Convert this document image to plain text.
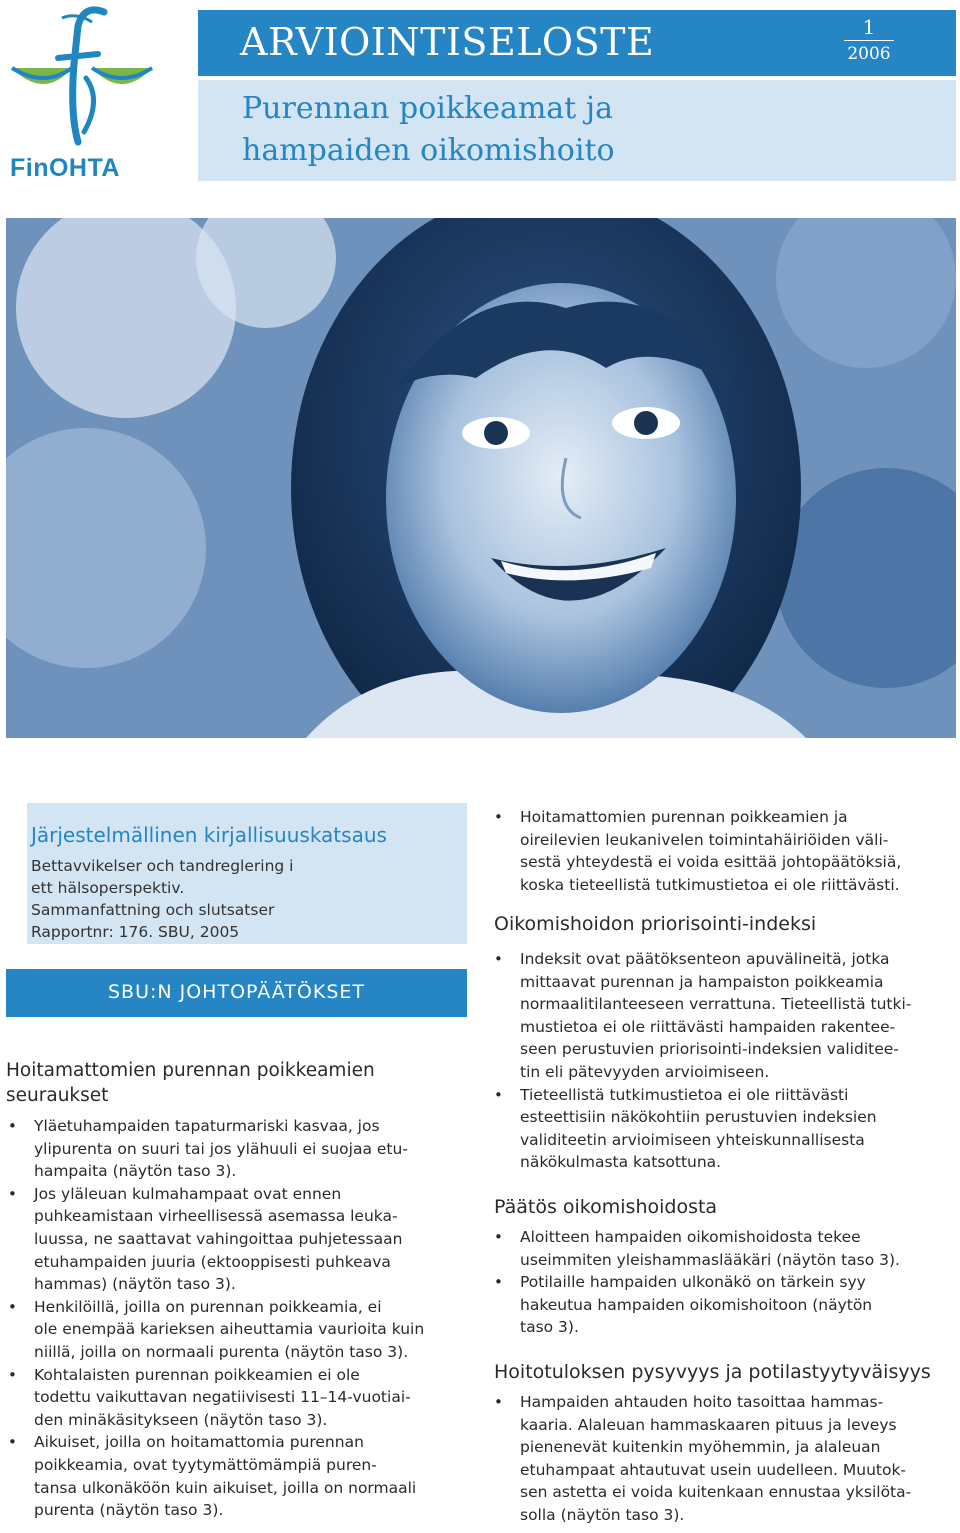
FinOHTA
ARVIOINTISELOSTE	1
2006
Purennan poikkeamat ja
hampaiden oikomishoito
Järjestelmällinen kirjallisuuskatsaus
Bettavvikelser och tandreglering i
ett hälsoperspektiv.
Sammanfattning och slutsatser
Rapportnr: 176. SBU, 2005
SBU:N JOHTOPÄÄTÖKSET
Hoitamattomien purennan poikkeamien seuraukset
• Yläetuhampaiden tapaturmariski kasvaa, jos
ylipurenta on suuri tai jos ylähuuli ei suojaa etu-
hampaita (näytön taso 3).
• Jos yläleuan kulmahampaat ovat ennen
puhkeamistaan virheellisessä asemassa leuka-
luussa, ne saattavat vahingoittaa puhjetessaan
etuhampaiden juuria (ektooppisesti puhkeava
hammas) (näytön taso 3).
• Henkilöillä, joilla on purennan poikkeamia, ei
ole enempää karieksen aiheuttamia vaurioita kuin
niillä, joilla on normaali purenta (näytön taso 3).
• Kohtalaisten purennan poikkeamien ei ole
todettu vaikuttavan negatiivisesti 11–14-vuotiai-
den minäkäsitykseen (näytön taso 3).
• Aikuiset, joilla on hoitamattomia purennan
poikkeamia, ovat tyytymättömämpiä puren-
tansa ulkonäköön kuin aikuiset, joilla on normaali
purenta (näytön taso 3).
• Hoitamattomien purennan poikkeamien ja
oireilevien leukanivelen toimintahäiriöiden väli-
sestä yhteydestä ei voida esittää johtopäätöksiä,
koska tieteellistä tutkimustietoa ei ole riittävästi.
Oikomishoidon priorisointi-indeksi
• Indeksit ovat päätöksenteon apuvälineitä, jotka
mittaavat purennan ja hampaiston poikkeamia
normaalitilanteeseen verrattuna. Tieteellistä tutki-
mustietoa ei ole riittävästi hampaiden rakentee-
seen perustuvien priorisointi-indeksien validitee-
tin eli pätevyyden arvioimiseen.
• Tieteellistä tutkimustietoa ei ole riittävästi
esteettisiin näkökohtiin perustuvien indeksien
validiteetin arvioimiseen yhteiskunnallisesta
näkökulmasta katsottuna.
Päätös oikomishoidosta
• Aloitteen hampaiden oikomishoidosta tekee
useimmiten yleishammaslääkäri (näytön taso 3).
• Potilaille hampaiden ulkonäkö on tärkein syy
hakeutua hampaiden oikomishoitoon (näytön
taso 3).
Hoitotuloksen pysyvyys ja potilastyytyväisyys
• Hampaiden ahtauden hoito tasoittaa hammas-
kaaria. Alaleuan hammaskaaren pituus ja leveys
pienenevät kuitenkin myöhemmin, ja alaleuan
etuhampaat ahtautuvat usein uudelleen. Muutok-
sen astetta ei voida kuitenkaan ennustaa yksilötа-
solla (näytön taso 3).
